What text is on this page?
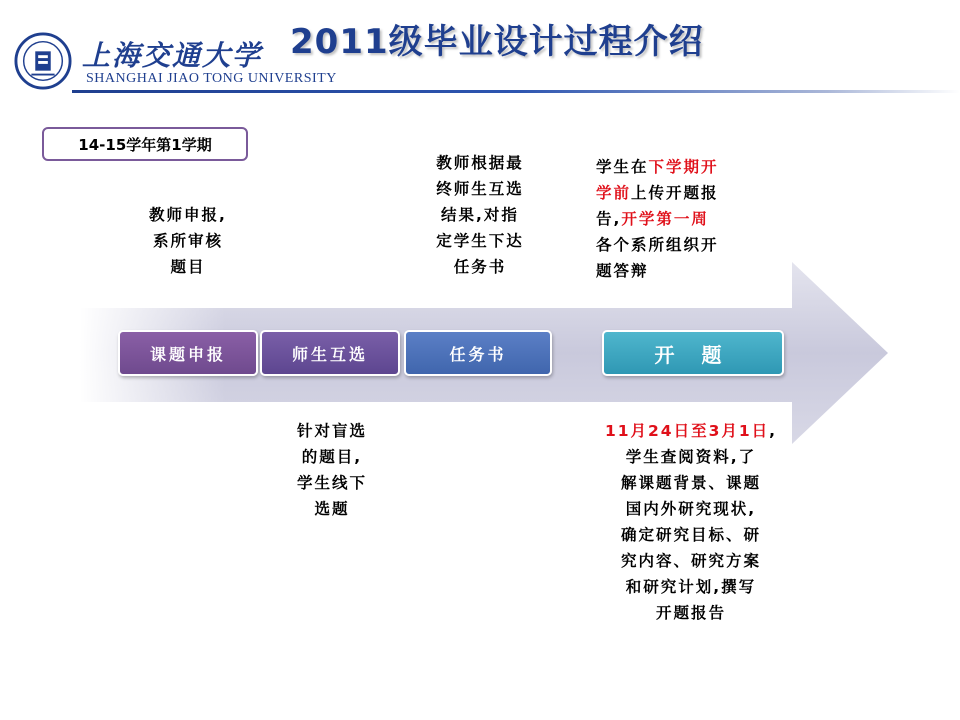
上海交通大学
SHANGHAI JIAO TONG UNIVERSITY
2011级毕业设计过程介绍
14-15学年第1学期
教师申报,
系所审核
题目
教师根据最
终师生互选
结果,对指
定学生下达
任务书
学生在下学期开
学前上传开题报
告,开学第一周
各个系所组织开
题答辩
课题申报	师生互选	任务书	开 题
针对盲选
的题目,
学生线下
选题
11月24日至3月1日,
学生查阅资料,了
解课题背景、课题
国内外研究现状,
确定研究目标、研
究内容、研究方案
和研究计划,撰写
开题报告
